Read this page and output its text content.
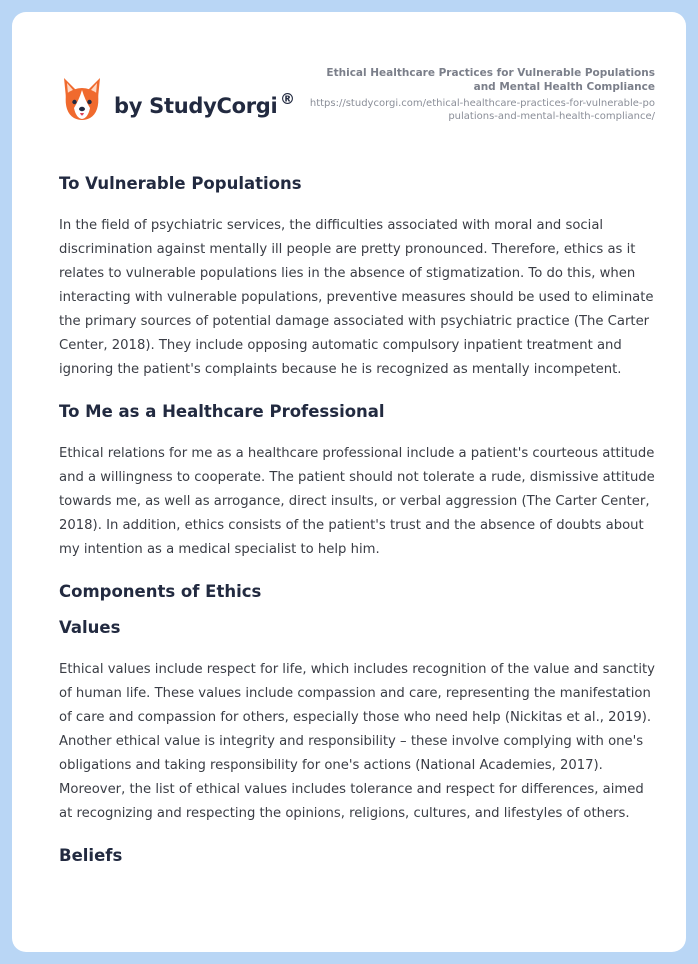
by StudyCorgi ®
Ethical Healthcare Practices for Vulnerable Populations and Mental Health Compliance
https://studycorgi.com/ethical-healthcare-practices-for-vulnerable-populations-and-mental-health-compliance/
To Vulnerable Populations

In the field of psychiatric services, the difficulties associated with moral and social discrimination against mentally ill people are pretty pronounced. Therefore, ethics as it relates to vulnerable populations lies in the absence of stigmatization. To do this, when interacting with vulnerable populations, preventive measures should be used to eliminate the primary sources of potential damage associated with psychiatric practice (The Carter Center, 2018). They include opposing automatic compulsory inpatient treatment and ignoring the patient's complaints because he is recognized as mentally incompetent.

To Me as a Healthcare Professional

Ethical relations for me as a healthcare professional include a patient's courteous attitude and a willingness to cooperate. The patient should not tolerate a rude, dismissive attitude towards me, as well as arrogance, direct insults, or verbal aggression (The Carter Center, 2018). In addition, ethics consists of the patient's trust and the absence of doubts about my intention as a medical specialist to help him.

Components of Ethics
Values

Ethical values include respect for life, which includes recognition of the value and sanctity of human life. These values include compassion and care, representing the manifestation of care and compassion for others, especially those who need help (Nickitas et al., 2019). Another ethical value is integrity and responsibility – these involve complying with one's obligations and taking responsibility for one's actions (National Academies, 2017). Moreover, the list of ethical values includes tolerance and respect for differences, aimed at recognizing and respecting the opinions, religions, cultures, and lifestyles of others.

Beliefs
